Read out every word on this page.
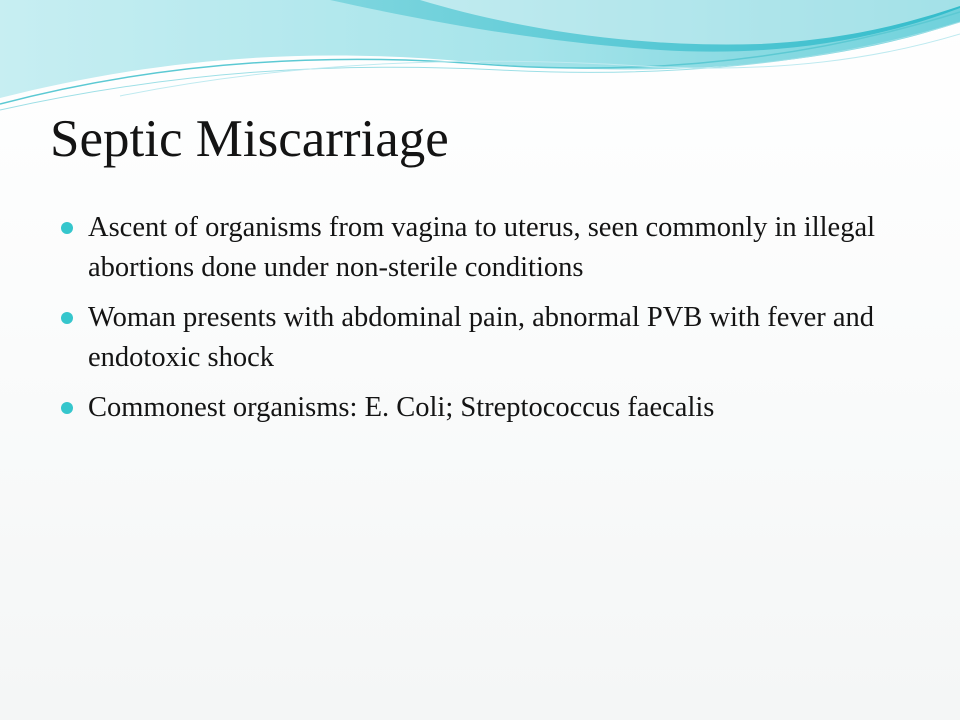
Septic Miscarriage
Ascent of organisms from vagina to uterus, seen commonly in illegal abortions done under non-sterile conditions
Woman presents with abdominal pain, abnormal PVB with fever and endotoxic shock
Commonest organisms: E. Coli; Streptococcus faecalis
